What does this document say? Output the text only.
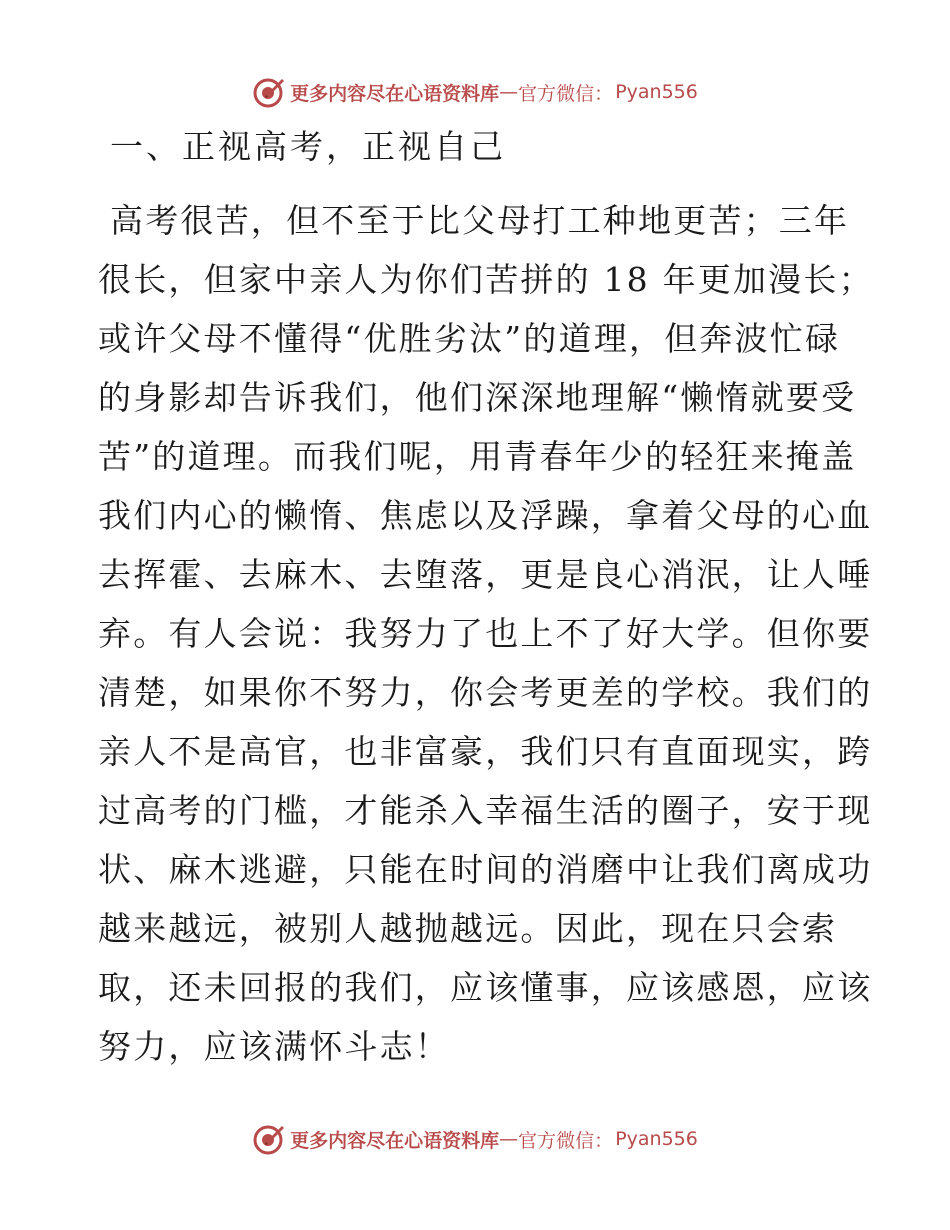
更多内容尽在心语资料库 — 官方微信： Pyan556
一、正视高考，正视自己
高考很苦，但不至于比父母打工种地更苦；三年
很长，但家中亲人为你们苦拼的 18 年更加漫长；
或许父母不懂得“优胜劣汰”的道理，但奔波忙碌
的身影却告诉我们，他们深深地理解“懒惰就要受
苦”的道理。而我们呢，用青春年少的轻狂来掩盖
我们内心的懒惰、焦虑以及浮躁，拿着父母的心血
去挥霍、去麻木、去堕落，更是良心消泯，让人唾
弃。有人会说：我努力了也上不了好大学。但你要
清楚，如果你不努力，你会考更差的学校。我们的
亲人不是高官，也非富豪，我们只有直面现实，跨
过高考的门槛，才能杀入幸福生活的圈子，安于现
状、麻木逃避，只能在时间的消磨中让我们离成功
越来越远，被别人越抛越远。因此，现在只会索
取，还未回报的我们，应该懂事，应该感恩，应该
努力，应该满怀斗志！
更多内容尽在心语资料库 — 官方微信： Pyan556
